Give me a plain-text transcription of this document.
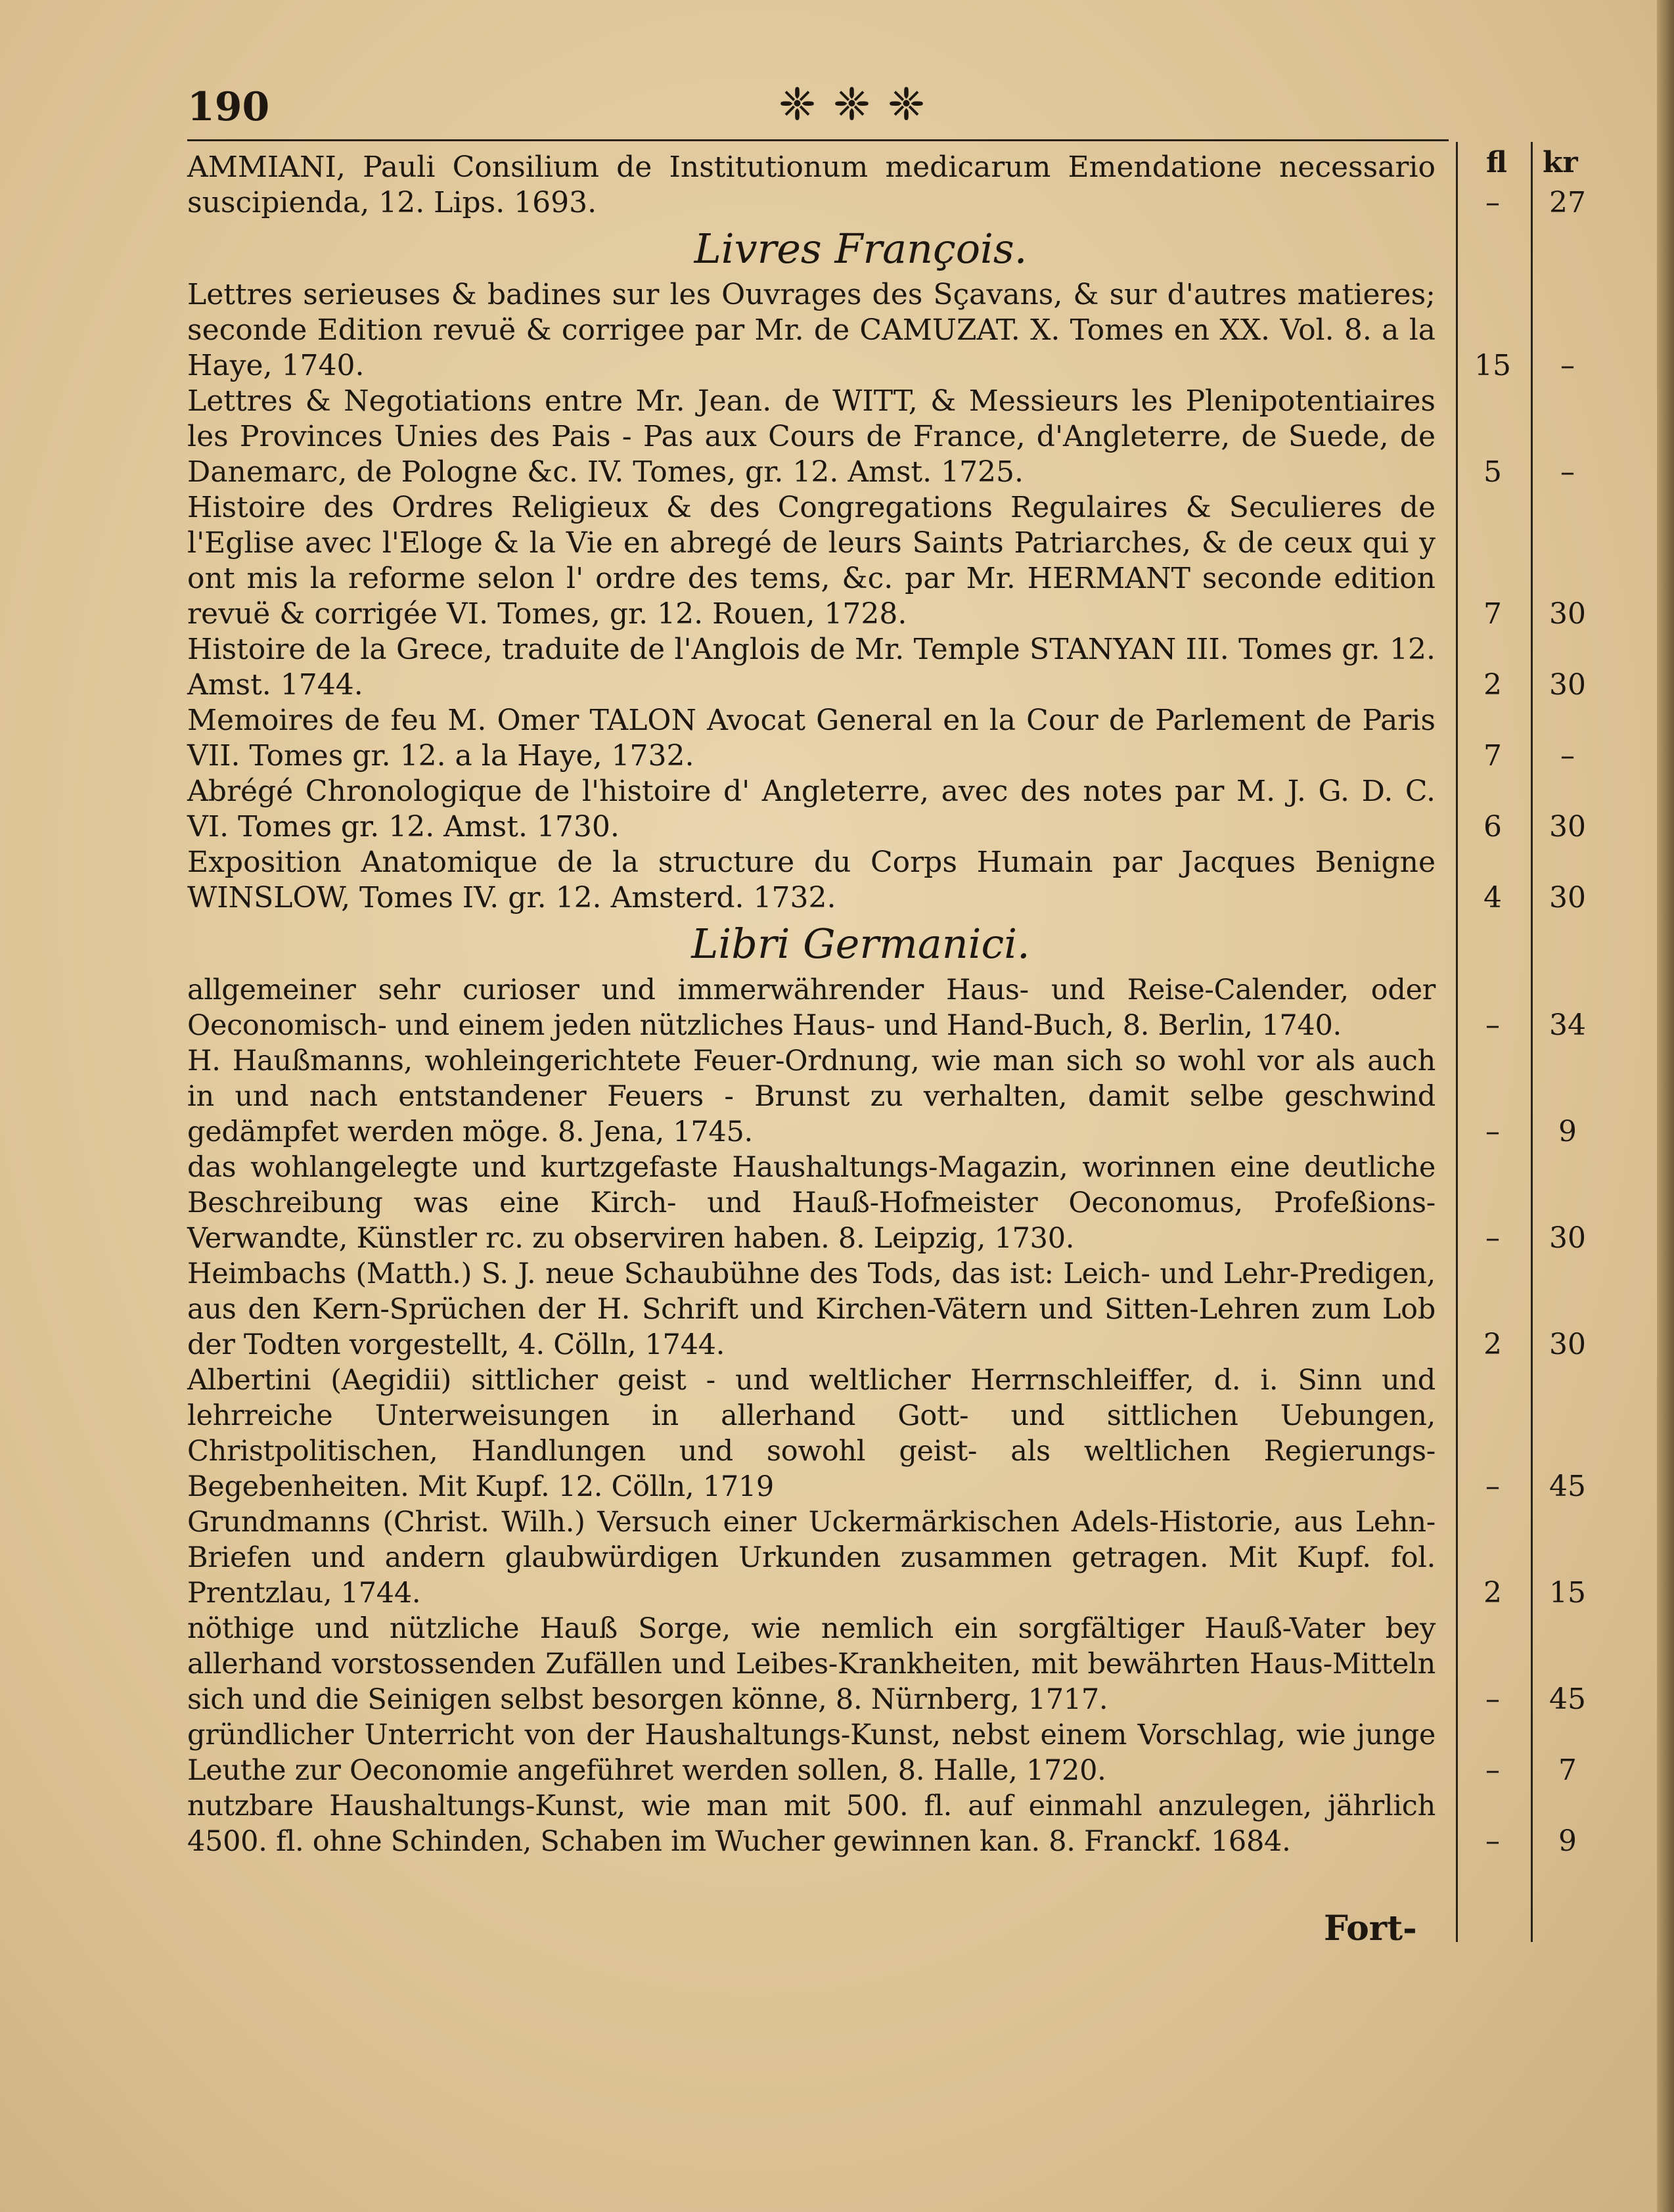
190	❈❈❈
fl kr
AMMIANI, Pauli Consilium de Institutionum medicarum Emendatione necessario suscipienda, 12. Lips. 1693.	–	27
Livres François.
Lettres serieuses & badines sur les Ouvrages des Sçavans, & sur d'autres matieres; seconde Edition revuë & corrigee par Mr. de CAMUZAT. X. Tomes en XX. Vol. 8. a la Haye, 1740.	15	–
Lettres & Negotiations entre Mr. Jean. de WITT, & Messieurs les Plenipotentiaires les Provinces Unies des Pais - Pas aux Cours de France, d'Angleterre, de Suede, de Danemarc, de Pologne &c. IV. Tomes, gr. 12. Amst. 1725.	5	–
Histoire des Ordres Religieux & des Congregations Regulaires & Seculieres de l'Eglise avec l'Eloge & la Vie en abregé de leurs Saints Patriarches, & de ceux qui y ont mis la reforme selon l' ordre des tems, &c. par Mr. HERMANT seconde edition revuë & corrigée VI. Tomes, gr. 12. Rouen, 1728.	7	30
Histoire de la Grece, traduite de l'Anglois de Mr. Temple STANYAN III. Tomes gr. 12. Amst. 1744.	2	30
Memoires de feu M. Omer TALON Avocat General en la Cour de Parlement de Paris VII. Tomes gr. 12. a la Haye, 1732.	7	–
Abrégé Chronologique de l'histoire d' Angleterre, avec des notes par M. J. G. D. C. VI. Tomes gr. 12. Amst. 1730.	6	30
Exposition Anatomique de la structure du Corps Humain par Jacques Benigne WINSLOW, Tomes IV. gr. 12. Amsterd. 1732.	4	30
Libri Germanici.
allgemeiner sehr curioser und immerwährender Haus- und Reise-Calender, oder Oeconomisch- und einem jeden nützliches Haus- und Hand-Buch, 8. Berlin, 1740.	–	34
H. Haußmanns, wohleingerichtete Feuer-Ordnung, wie man sich so wohl vor als auch in und nach entstandener Feuers - Brunst zu verhalten, damit selbe geschwind gedämpfet werden möge. 8. Jena, 1745.	–	9
das wohlangelegte und kurtzgefaste Haushaltungs-Magazin, worinnen eine deutliche Beschreibung was eine Kirch- und Hauß-Hofmeister Oeconomus, Profeßions-Verwandte, Künstler rc. zu observiren haben. 8. Leipzig, 1730.	–	30
Heimbachs (Matth.) S. J. neue Schaubühne des Tods, das ist: Leich- und Lehr-Predigen, aus den Kern-Sprüchen der H. Schrift und Kirchen-Vätern und Sitten-Lehren zum Lob der Todten vorgestellt, 4. Cölln, 1744.	2	30
Albertini (Aegidii) sittlicher geist - und weltlicher Herrnschleiffer, d. i. Sinn und lehrreiche Unterweisungen in allerhand Gott- und sittlichen Uebungen, Christpolitischen, Handlungen und sowohl geist- als weltlichen Regierungs-Begebenheiten. Mit Kupf. 12. Cölln, 1719	–	45
Grundmanns (Christ. Wilh.) Versuch einer Uckermärkischen Adels-Historie, aus Lehn-Briefen und andern glaubwürdigen Urkunden zusammen getragen. Mit Kupf. fol. Prentzlau, 1744.	2	15
nöthige und nützliche Hauß Sorge, wie nemlich ein sorgfältiger Hauß-Vater bey allerhand vorstossenden Zufällen und Leibes-Krankheiten, mit bewährten Haus-Mitteln sich und die Seinigen selbst besorgen könne, 8. Nürnberg, 1717.	–	45
gründlicher Unterricht von der Haushaltungs-Kunst, nebst einem Vorschlag, wie junge Leuthe zur Oeconomie angeführet werden sollen, 8. Halle, 1720.	–	7
nutzbare Haushaltungs-Kunst, wie man mit 500. fl. auf einmahl anzulegen, jährlich 4500. fl. ohne Schinden, Schaben im Wucher gewinnen kan. 8. Franckf. 1684.	–	9
Fort-
